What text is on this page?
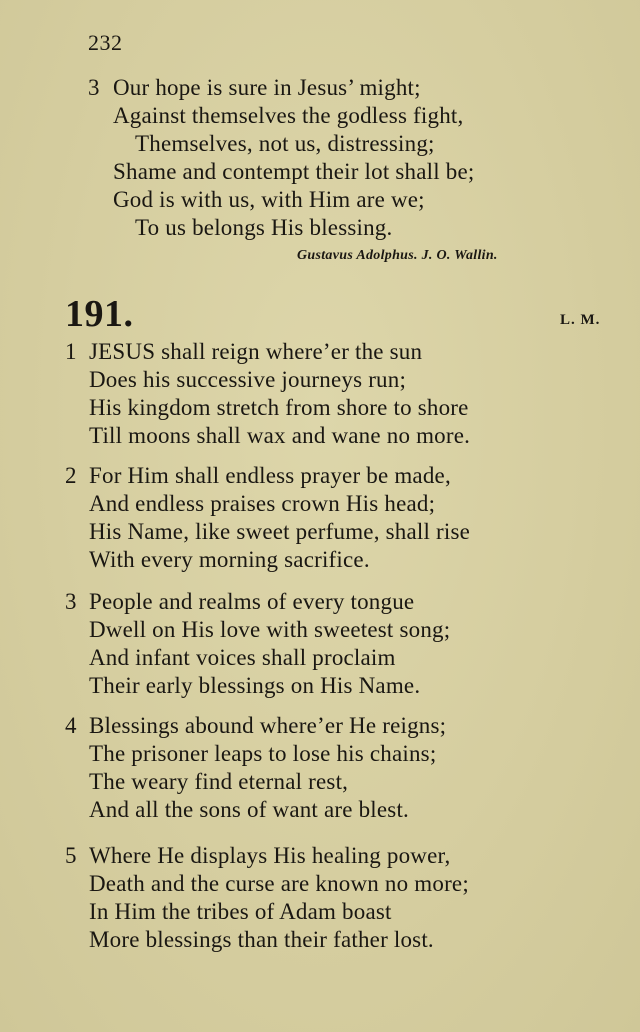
232
3 Our hope is sure in Jesus’ might;
Against themselves the godless fight,
Themselves, not us, distressing;
Shame and contempt their lot shall be;
God is with us, with Him are we;
To us belongs His blessing.
Gustavus Adolphus. J. O. Wallin.
191.	L. M.
1 JESUS shall reign where’er the sun
Does his successive journeys run;
His kingdom stretch from shore to shore
Till moons shall wax and wane no more.
2 For Him shall endless prayer be made,
And endless praises crown His head;
His Name, like sweet perfume, shall rise
With every morning sacrifice.
3 People and realms of every tongue
Dwell on His love with sweetest song;
And infant voices shall proclaim
Their early blessings on His Name.
4 Blessings abound where’er He reigns;
The prisoner leaps to lose his chains;
The weary find eternal rest,
And all the sons of want are blest.
5 Where He displays His healing power,
Death and the curse are known no more;
In Him the tribes of Adam boast
More blessings than their father lost.
